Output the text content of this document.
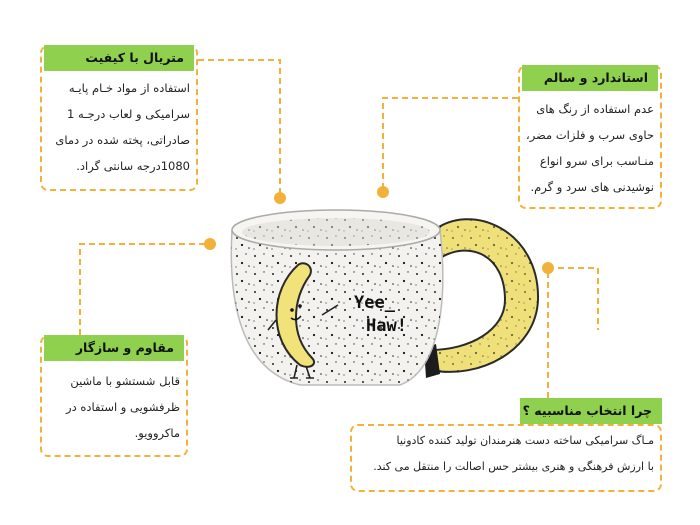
Yee_
Haw!
متریال با کیفیت
استفاده از مواد خـام پایـه
سرامیکی و لعاب درجـه 1
صادراتی، پخته شده در دمای
1080درجه سانتی گراد.
استاندارد و سالم
عدم استفاده از رنگ های
حاوی سرب و فلزات مضر،
منـاسب برای سرو انواع
نوشیدنی های سرد و گرم.
مقاوم و سازگار
قابل شستشو با ماشین
ظرفشویی و استفاده در
ماکروویو.
چرا انتخاب مناسبیه ؟
مـاگ سرامیکی ساخته دست هنرمندان تولید کننده کادونیا
با ارزش فرهنگی و هنری بیشتر حس اصالت را منتقل می کند.
